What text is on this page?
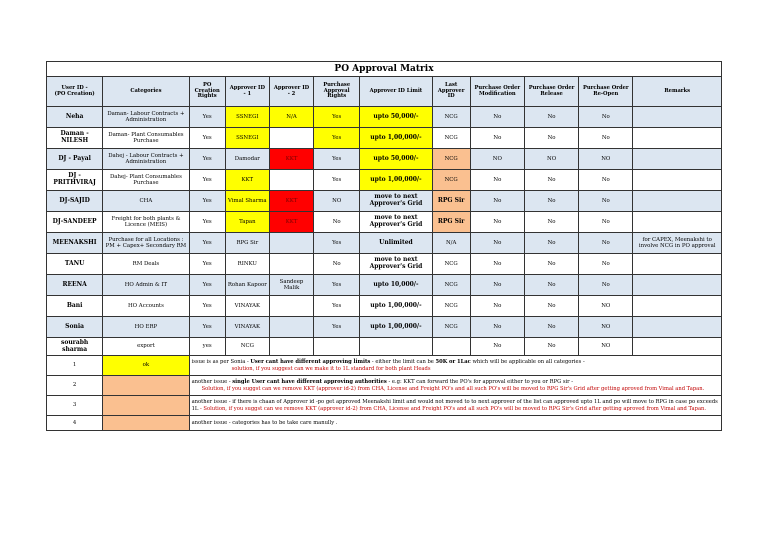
PO Approval Matrix											
User ID -
(PO Creation)	Categories	PO Creation Rights	Approver ID - 1	Approver ID - 2	Purchase Approval Rights	Approver ID Limit	Last Approver ID	Purchase Order Modification	Purchase Order Release	Purchase Order Re-Open	Remarks
Neha	Daman- Labour Contracts + Administration	Yes	SSNEGI	N/A	Yes	upto 50,000/-	NCG	No	No	No	
Daman - NILESH	Daman- Plant Consumables Purchase	Yes	SSNEGI		Yes	upto 1,00,000/-	NCG	No	No	No	
DJ - Payal	Dahej - Labour Contracts + Administration	Yes	Damodar	KKT	Yes	upto 50,000/-	NCG	NO	NO	NO	
DJ -PRITHVIRAJ	Dahej- Plant Consumables Purchase	Yes	KKT		Yes	upto 1,00,000/-	NCG	No	No	No	
DJ-SAJID	CHA	Yes	Vimal Sharma	KKT	NO	move to next Approver's Grid	RPG Sir	No	No	No	
DJ-SANDEEP	Freight for both plants & Licence (MEIS)	Yes	Tapan	KKT	No	move to next Approver's Grid	RPG Sir	No	No	No	
MEENAKSHI	Purchase for all Locations : PM + Capex+ Secondary RM	Yes	RPG Sir		Yes	Unlimited	N/A	No	No	No	for CAPEX, Meenakshi to involve NCG in PO approval
TANU	RM Deals	Yes	RINKU		No	move to next Approver's Grid	NCG	No	No	No	
REENA	HO Admin & IT	Yes	Rohan Kapoor	Sandeep Malik	Yes	upto 10,000/-	NCG	No	No	No	
Bani	HO Accounts	Yes	VINAYAK		Yes	upto 1,00,000/-	NCG	No	No	NO	
Sonia	HO ERP	Yes	VINAYAK		Yes	upto 1,00,000/-	NCG	No	No	NO	
sourabh sharma	export	yes	NCG					No	No	NO	
1	ok	issue is as per Sonia - User cant have different approving limits - either the limit can be 50K or 1Lac which will be applicable on all categories -
solution, if you suggest can we make it to 1L standard for both plant Heads									
2		another issue - single User cant have different approving authorities - e.g: KKT can forward the PO's for approval either to you or RPG sir -
Solution, if you suggst can we remove KKT (approver id-2) from CHA, License and Freight PO's and all such PO's will be moved to RPG Sir's Grid after getting aproved from Vimal and Tapan.									
3		another issue - if there is chaan of Approver id -po get approved Meenakshi limit and would not moved to to next approver of the list can approved upto 1L and po will move to RPG in case po exceeds 1L - Solution, if you suggst can we remove KKT (approver id-2) from CHA, License and Freight PO's and all such PO's will be moved to RPG Sir's Grid after getting aproved from Vimal and Tapan.									
4		another issue - categories has to be take care manully .									
